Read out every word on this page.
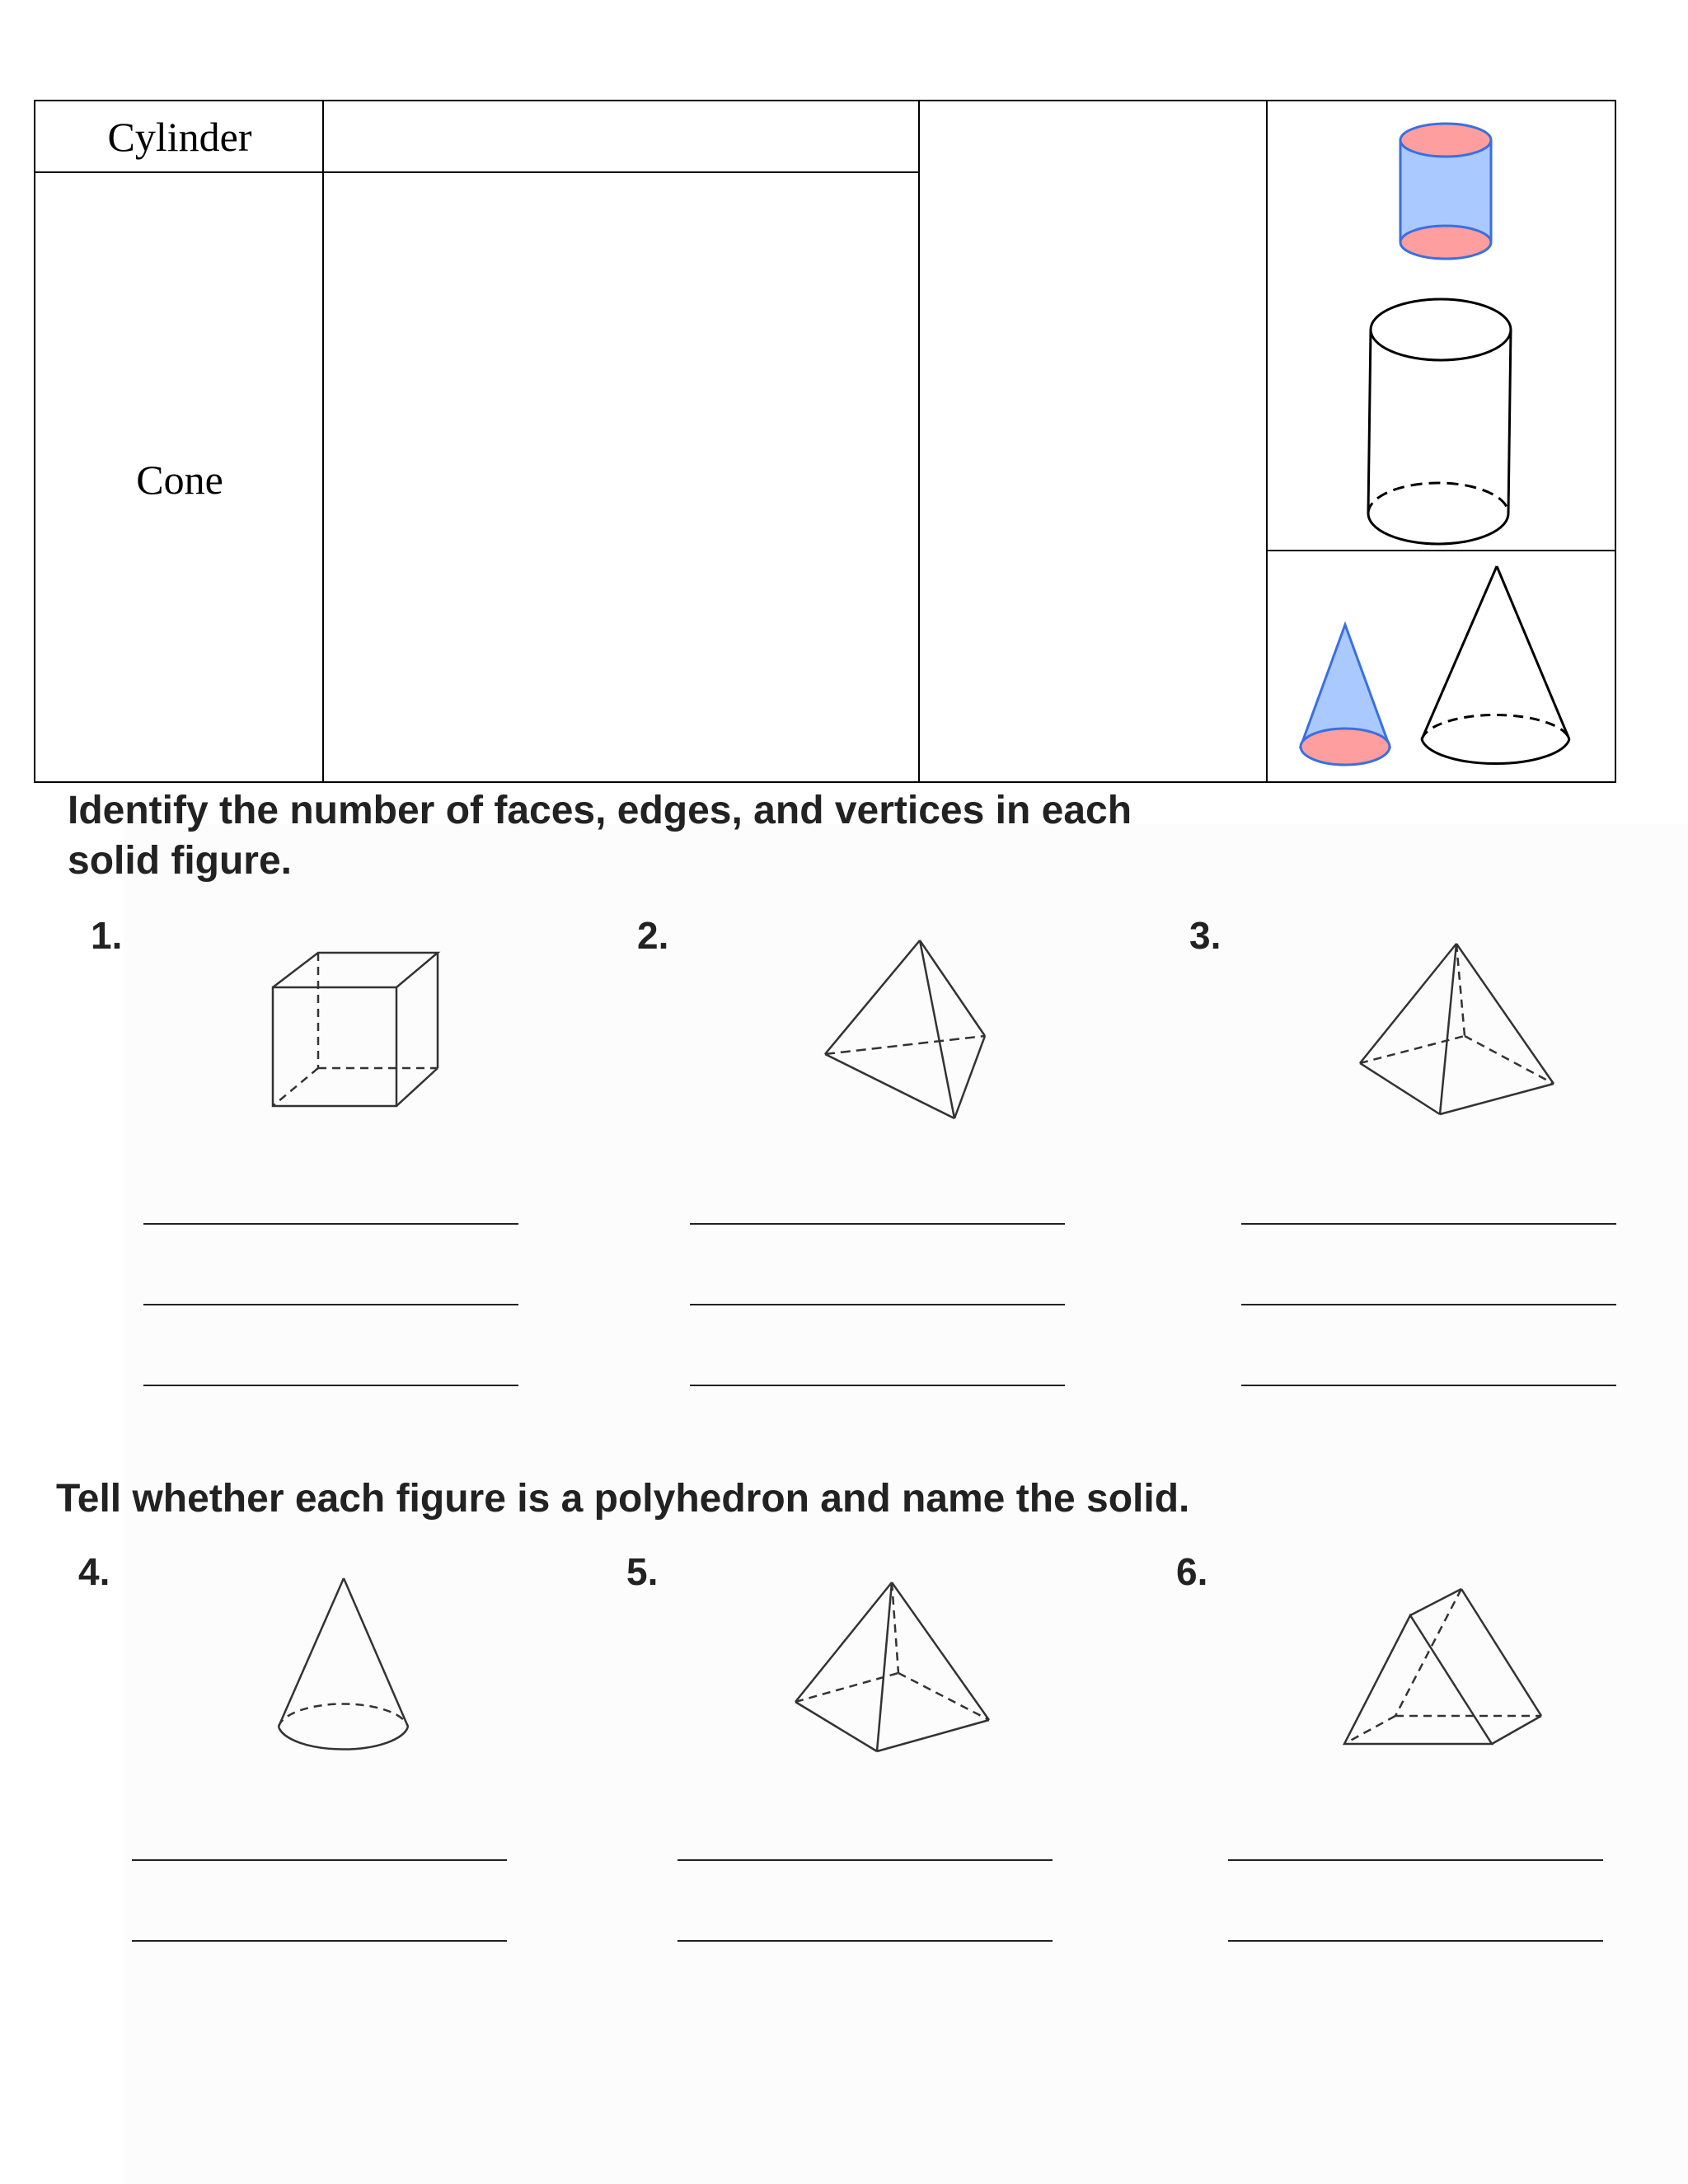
Cylinder
Cone
Identify the number of faces, edges, and vertices in each
solid figure.
1.	2.	3.
Tell whether each figure is a polyhedron and name the solid.
4.	5.	6.
